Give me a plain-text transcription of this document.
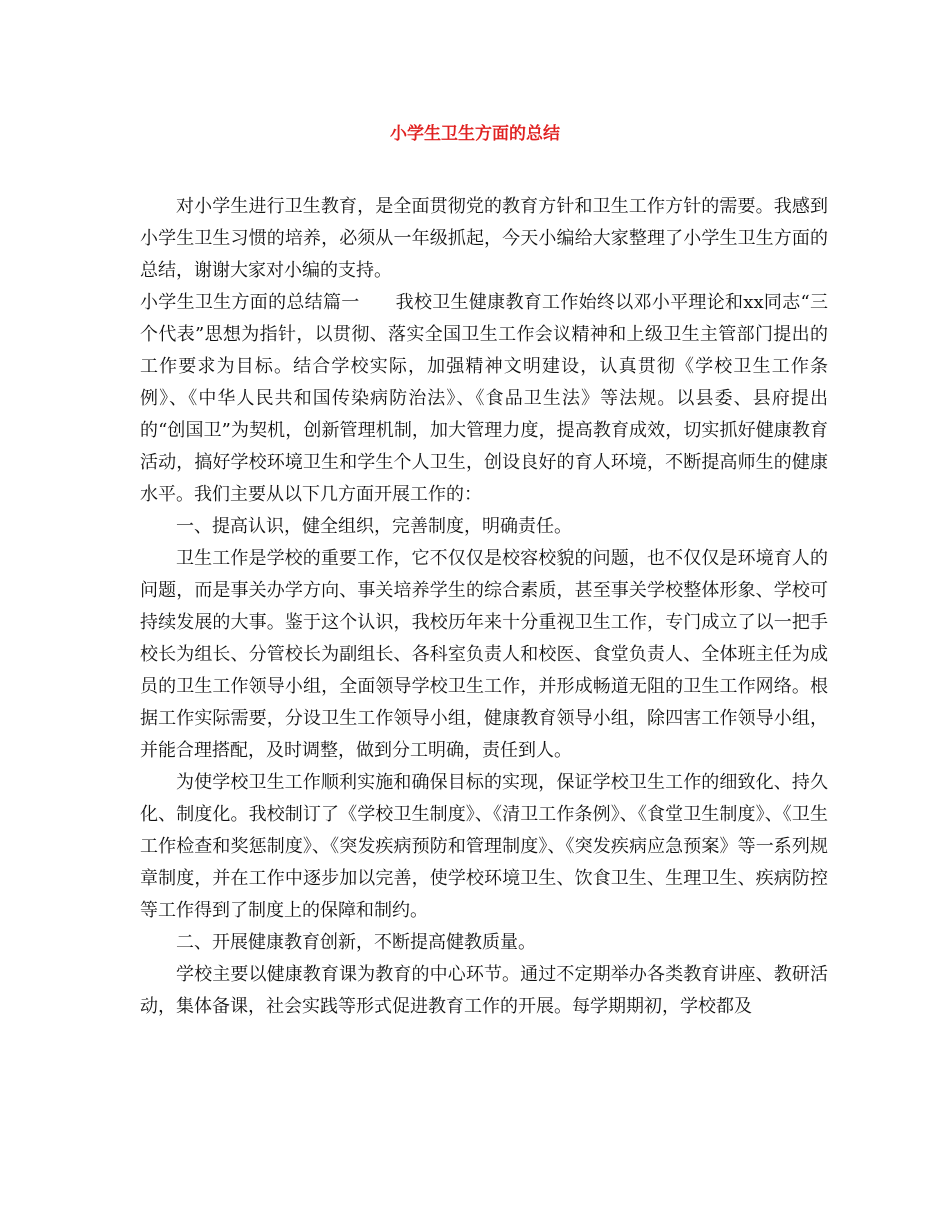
小学生卫生方面的总结

对小学生进行卫生教育，是全面贯彻党的教育方针和卫生工作方针的需要。我感到小学生卫生习惯的培养，必须从一年级抓起，今天小编给大家整理了小学生卫生方面的总结，谢谢大家对小编的支持。

小学生卫生方面的总结篇一 我校卫生健康教育工作始终以邓小平理论和xx同志“三个代表”思想为指针，以贯彻、落实全国卫生工作会议精神和上级卫生主管部门提出的工作要求为目标。结合学校实际，加强精神文明建设，认真贯彻《学校卫生工作条例》、《中华人民共和国传染病防治法》、《食品卫生法》等法规。以县委、县府提出的“创国卫”为契机，创新管理机制，加大管理力度，提高教育成效，切实抓好健康教育活动，搞好学校环境卫生和学生个人卫生，创设良好的育人环境，不断提高师生的健康水平。我们主要从以下几方面开展工作的：

一、提高认识，健全组织，完善制度，明确责任。

卫生工作是学校的重要工作，它不仅仅是校容校貌的问题，也不仅仅是环境育人的问题，而是事关办学方向、事关培养学生的综合素质，甚至事关学校整体形象、学校可持续发展的大事。鉴于这个认识，我校历年来十分重视卫生工作，专门成立了以一把手校长为组长、分管校长为副组长、各科室负责人和校医、食堂负责人、全体班主任为成员的卫生工作领导小组，全面领导学校卫生工作，并形成畅道无阻的卫生工作网络。根据工作实际需要，分设卫生工作领导小组，健康教育领导小组，除四害工作领导小组，并能合理搭配，及时调整，做到分工明确，责任到人。

为使学校卫生工作顺利实施和确保目标的实现，保证学校卫生工作的细致化、持久化、制度化。我校制订了《学校卫生制度》、《清卫工作条例》、《食堂卫生制度》、《卫生工作检查和奖惩制度》、《突发疾病预防和管理制度》、《突发疾病应急预案》等一系列规章制度，并在工作中逐步加以完善，使学校环境卫生、饮食卫生、生理卫生、疾病防控等工作得到了制度上的保障和制约。

二、开展健康教育创新，不断提高健教质量。

学校主要以健康教育课为教育的中心环节。通过不定期举办各类教育讲座、教研活动，集体备课，社会实践等形式促进教育工作的开展。每学期期初，学校都及
